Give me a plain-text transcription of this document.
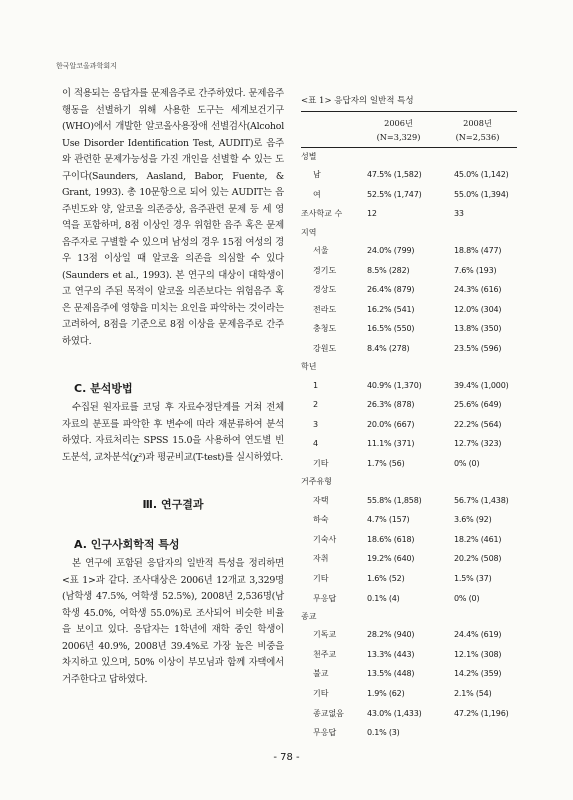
한국알코올과학회지

이 적용되는 응답자를 문제음주로 간주하였다. 문제음주행동을 선별하기 위해 사용한 도구는 세계보건기구(WHO)에서 개발한 알코올사용장애 선별검사(Alcohol Use Disorder Identification Test, AUDIT)로 음주와 관련한 문제가능성을 가진 개인을 선별할 수 있는 도구이다(Saunders, Aasland, Babor, Fuente, & Grant, 1993). 총 10문항으로 되어 있는 AUDIT는 음주빈도와 양, 알코올 의존증상, 음주관련 문제 등 세 영역을 포함하며, 8점 이상인 경우 위험한 음주 혹은 문제음주자로 구별할 수 있으며 남성의 경우 15점 여성의 경우 13점 이상일 때 알코올 의존을 의심할 수 있다(Saunders et al., 1993). 본 연구의 대상이 대학생이고 연구의 주된 목적이 알코올 의존보다는 위험음주 혹은 문제음주에 영향을 미치는 요인을 파악하는 것이라는 고려하여, 8점을 기준으로 8점 이상을 문제음주로 간주하였다.

C. 분석방법

수집된 원자료를 코딩 후 자료수정단계를 거쳐 전체 자료의 분포를 파악한 후 변수에 따라 재분류하여 분석하였다. 자료처리는 SPSS 15.0을 사용하여 연도별 빈도분석, 교차분석(χ²)과 평균비교(T-test)를 실시하였다.

Ⅲ. 연구결과
A. 인구사회학적 특성

본 연구에 포함된 응답자의 일반적 특성을 정리하면 <표 1>과 같다. 조사대상은 2006년 12개교 3,329명(남학생 47.5%, 여학생 52.5%), 2008년 2,536명(남학생 45.0%, 여학생 55.0%)로 조사되어 비슷한 비율을 보이고 있다. 응답자는 1학년에 재학 중인 학생이 2006년 40.9%, 2008년 39.4%로 가장 높은 비중을 차지하고 있으며, 50% 이상이 부모님과 함께 자택에서 거주한다고 답하였다.

<표 1> 응답자의 일반적 특성
2006년
(N=3,329)
2008년
(N=2,536)
성별
남	47.5% (1,582)	45.0% (1,142)
여	52.5% (1,747)	55.0% (1,394)
조사학교 수	12	33
지역
서울	24.0% (799)	18.8% (477)
경기도	8.5% (282)	7.6% (193)
경상도	26.4% (879)	24.3% (616)
전라도	16.2% (541)	12.0% (304)
충청도	16.5% (550)	13.8% (350)
강원도	8.4% (278)	23.5% (596)
학년
1	40.9% (1,370)	39.4% (1,000)
2	26.3% (878)	25.6% (649)
3	20.0% (667)	22.2% (564)
4	11.1% (371)	12.7% (323)
기타	1.7% (56)	0% (0)
거주유형
자택	55.8% (1,858)	56.7% (1,438)
하숙	4.7% (157)	3.6% (92)
기숙사	18.6% (618)	18.2% (461)
자취	19.2% (640)	20.2% (508)
기타	1.6% (52)	1.5% (37)
무응답	0.1% (4)	0% (0)
종교
기독교	28.2% (940)	24.4% (619)
천주교	13.3% (443)	12.1% (308)
불교	13.5% (448)	14.2% (359)
기타	1.9% (62)	2.1% (54)
종교없음	43.0% (1,433)	47.2% (1,196)
무응답	0.1% (3)
- 78 -
